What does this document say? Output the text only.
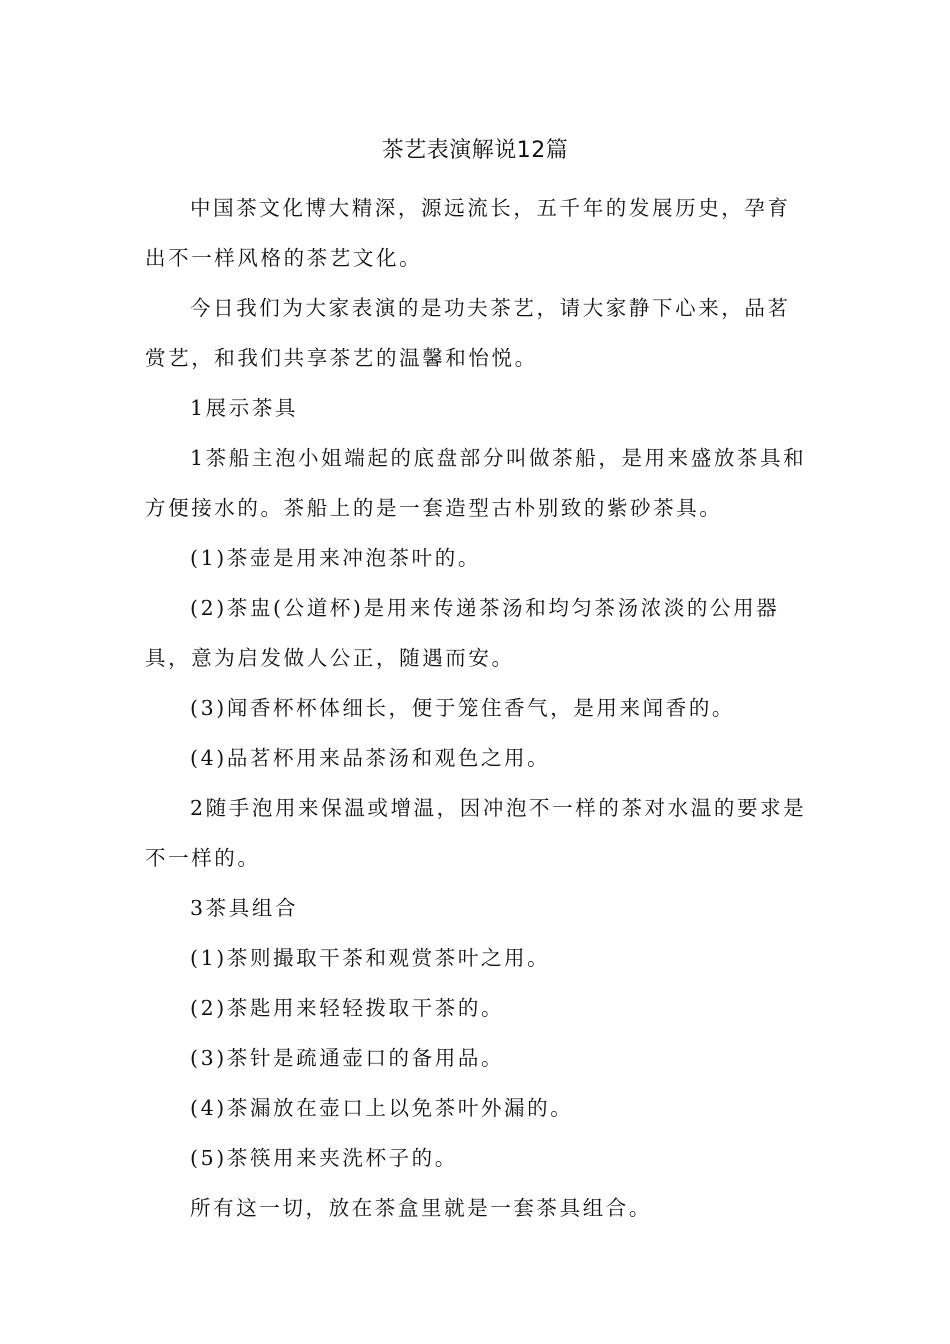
茶艺表演解说12篇

中国茶文化博大精深，源远流长，五千年的发展历史，孕育出不一样风格的茶艺文化。

今日我们为大家表演的是功夫茶艺，请大家静下心来，品茗赏艺，和我们共享茶艺的温馨和怡悦。

1展示茶具

1茶船主泡小姐端起的底盘部分叫做茶船，是用来盛放茶具和方便接水的。茶船上的是一套造型古朴别致的紫砂茶具。

(1)茶壶是用来冲泡茶叶的。

(2)茶盅(公道杯)是用来传递茶汤和均匀茶汤浓淡的公用器具，意为启发做人公正，随遇而安。

(3)闻香杯杯体细长，便于笼住香气，是用来闻香的。

(4)品茗杯用来品茶汤和观色之用。

2随手泡用来保温或增温，因冲泡不一样的茶对水温的要求是不一样的。

3茶具组合

(1)茶则撮取干茶和观赏茶叶之用。

(2)茶匙用来轻轻拨取干茶的。

(3)茶针是疏通壶口的备用品。

(4)茶漏放在壶口上以免茶叶外漏的。

(5)茶筷用来夹洗杯子的。

所有这一切，放在茶盒里就是一套茶具组合。
